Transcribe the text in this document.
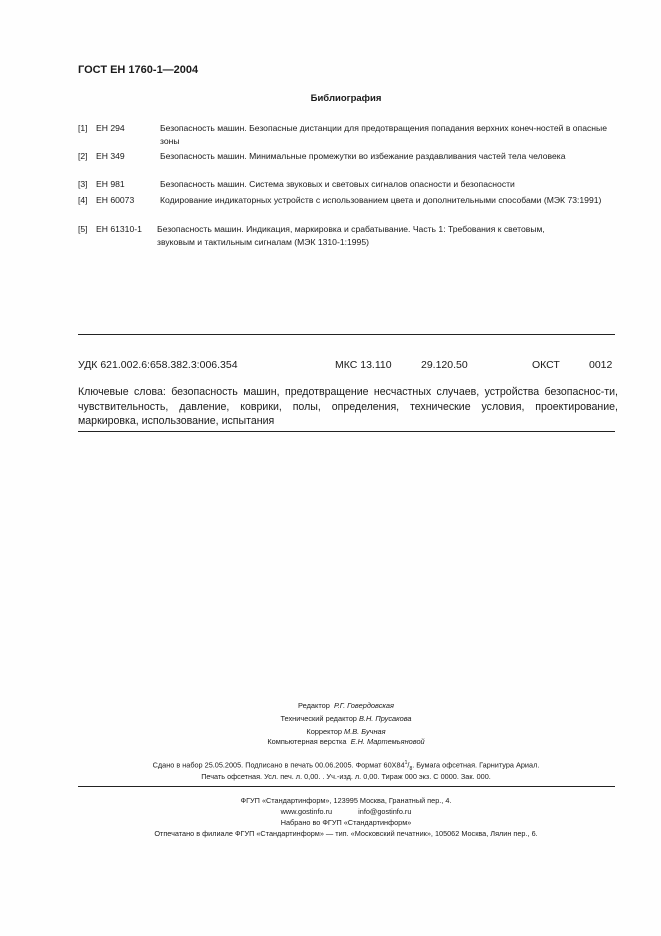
ГОСТ ЕН 1760-1—2004
Библиография
[1] ЕН 294	Безопасность машин. Безопасные дистанции для предотвращения попадания верхних конеч-ностей в опасные зоны
[2] ЕН 349	Безопасность машин. Минимальные промежутки во избежание раздавливания частей тела человека
[3] ЕН 981	Безопасность машин. Система звуковых и световых сигналов опасности и безопасности
[4] ЕН 60073	Кодирование индикаторных устройств с использованием цвета и дополнительными способами (МЭК 73:1991)
[5] ЕН 61310-1 Безопасность машин. Индикация, маркировка и срабатывание. Часть 1: Требования к световым,
звуковым и тактильным сигналам (МЭК 1310-1:1995)
УДК 621.002.6:658.382.3:006.354	МКС 13.110	29.120.50	ОКСТ	0012
Ключевые слова: безопасность машин, предотвращение несчастных случаев, устройства безопаснос-ти, чувствительность, давление, коврики, полы, определения, технические условия, проектирование, маркировка, использование, испытания
Редактор Р.Г. Говердовская
Технический редактор В.Н. Прусакова
Корректор М.В. Бучная
Компьютерная верстка Е.Н. Мартемьяновой
Сдано в набор 25.05.2005. Подписано в печать 00.06.2005. Формат $60Х84^1/_8$. Бумага офсетная. Гарнитура Ариал.
Печать офсетная. Усл. печ. л. 0,00. . Уч.-изд. л. 0,00. Тираж 000 экз. С 0000. Зак. 000.
ФГУП «Стандартинформ», 123995 Москва, Гранатный пер., 4.
www.gostinfo.ru	info@gostinfo.ru
Набрано во ФГУП «Стандартинформ»
Отпечатано в филиале ФГУП «Стандартинформ» — тип. «Московский печатник», 105062 Москва, Лялин пер., 6.
